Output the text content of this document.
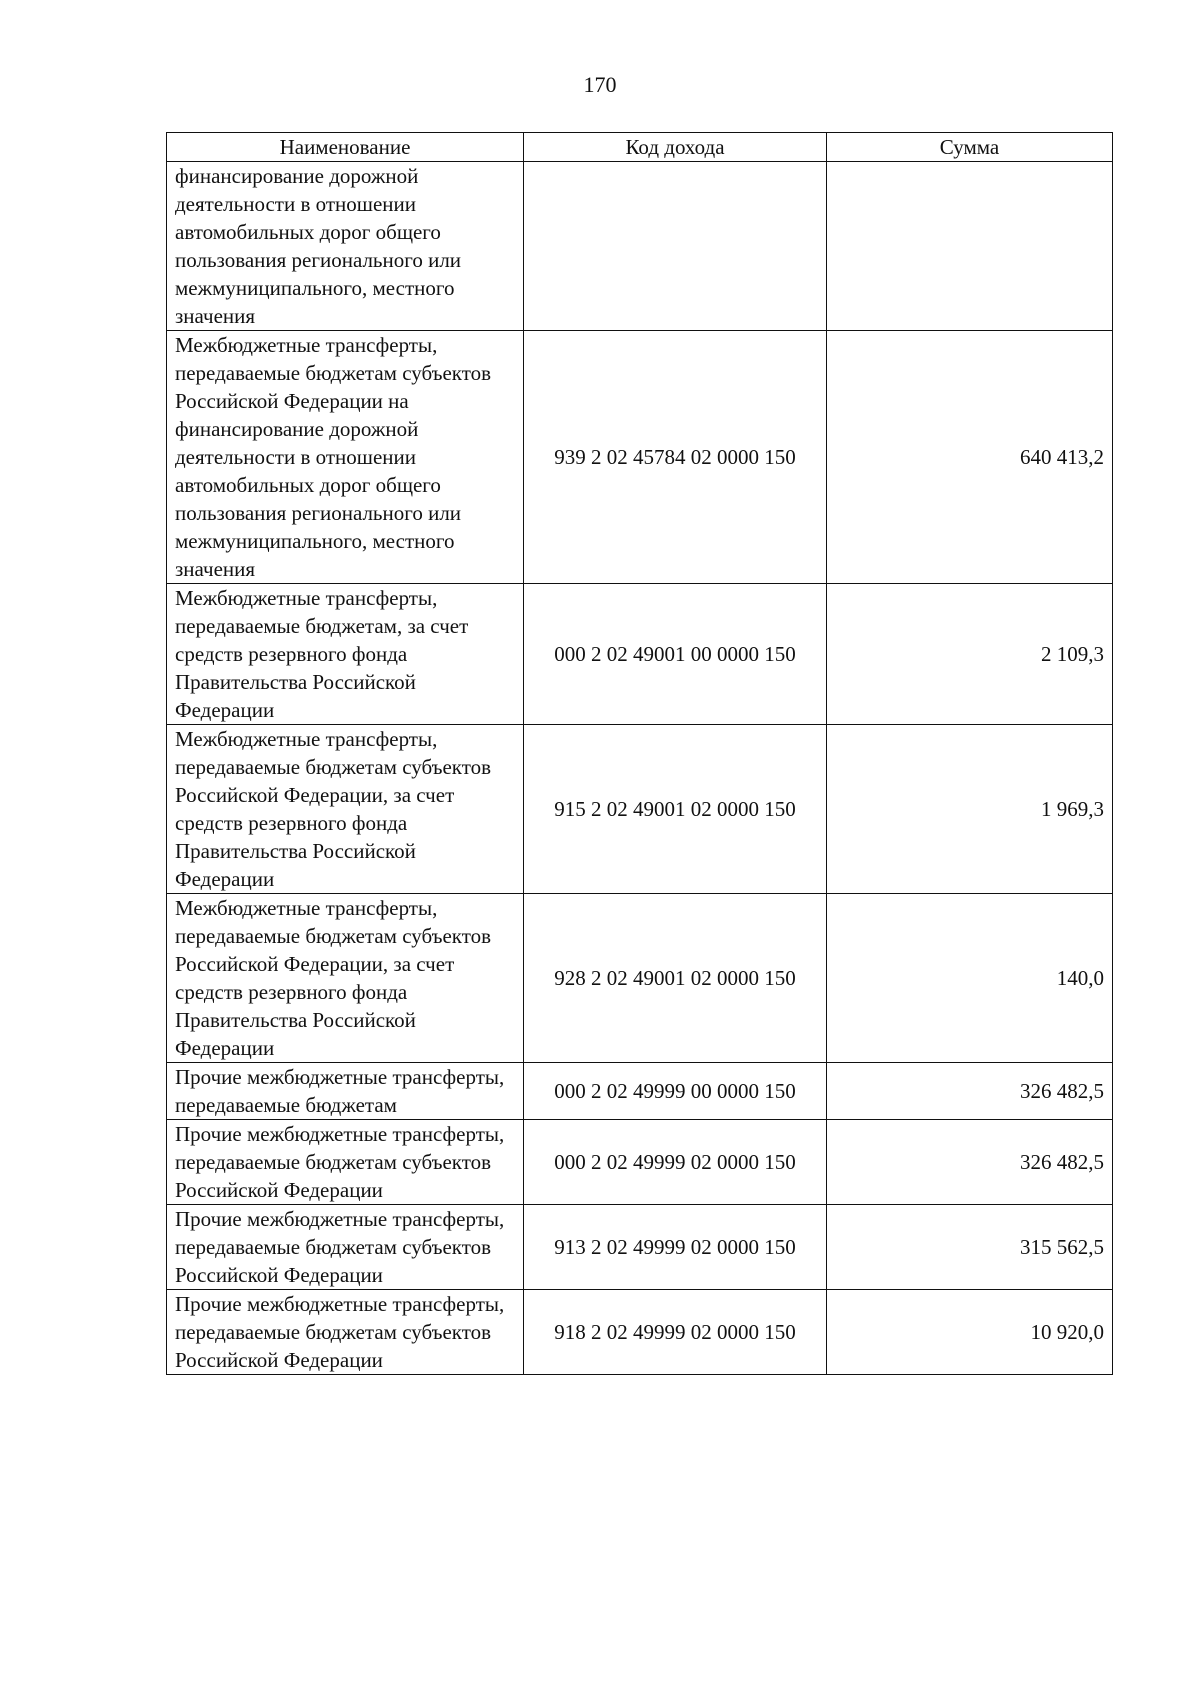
170
Наименование	Код дохода	Сумма
финансирование дорожной деятельности в отношении автомобильных дорог общего пользования регионального или межмуниципального, местного значения		
Межбюджетные трансферты, передаваемые бюджетам субъектов Российской Федерации на финансирование дорожной деятельности в отношении автомобильных дорог общего пользования регионального или межмуниципального, местного значения	939 2 02 45784 02 0000 150	640 413,2
Межбюджетные трансферты, передаваемые бюджетам, за счет средств резервного фонда Правительства Российской Федерации	000 2 02 49001 00 0000 150	2 109,3
Межбюджетные трансферты, передаваемые бюджетам субъектов Российской Федерации, за счет средств резервного фонда Правительства Российской Федерации	915 2 02 49001 02 0000 150	1 969,3
Межбюджетные трансферты, передаваемые бюджетам субъектов Российской Федерации, за счет средств резервного фонда Правительства Российской Федерации	928 2 02 49001 02 0000 150	140,0
Прочие межбюджетные трансферты, передаваемые бюджетам	000 2 02 49999 00 0000 150	326 482,5
Прочие межбюджетные трансферты, передаваемые бюджетам субъектов Российской Федерации	000 2 02 49999 02 0000 150	326 482,5
Прочие межбюджетные трансферты, передаваемые бюджетам субъектов Российской Федерации	913 2 02 49999 02 0000 150	315 562,5
Прочие межбюджетные трансферты, передаваемые бюджетам субъектов Российской Федерации	918 2 02 49999 02 0000 150	10 920,0
